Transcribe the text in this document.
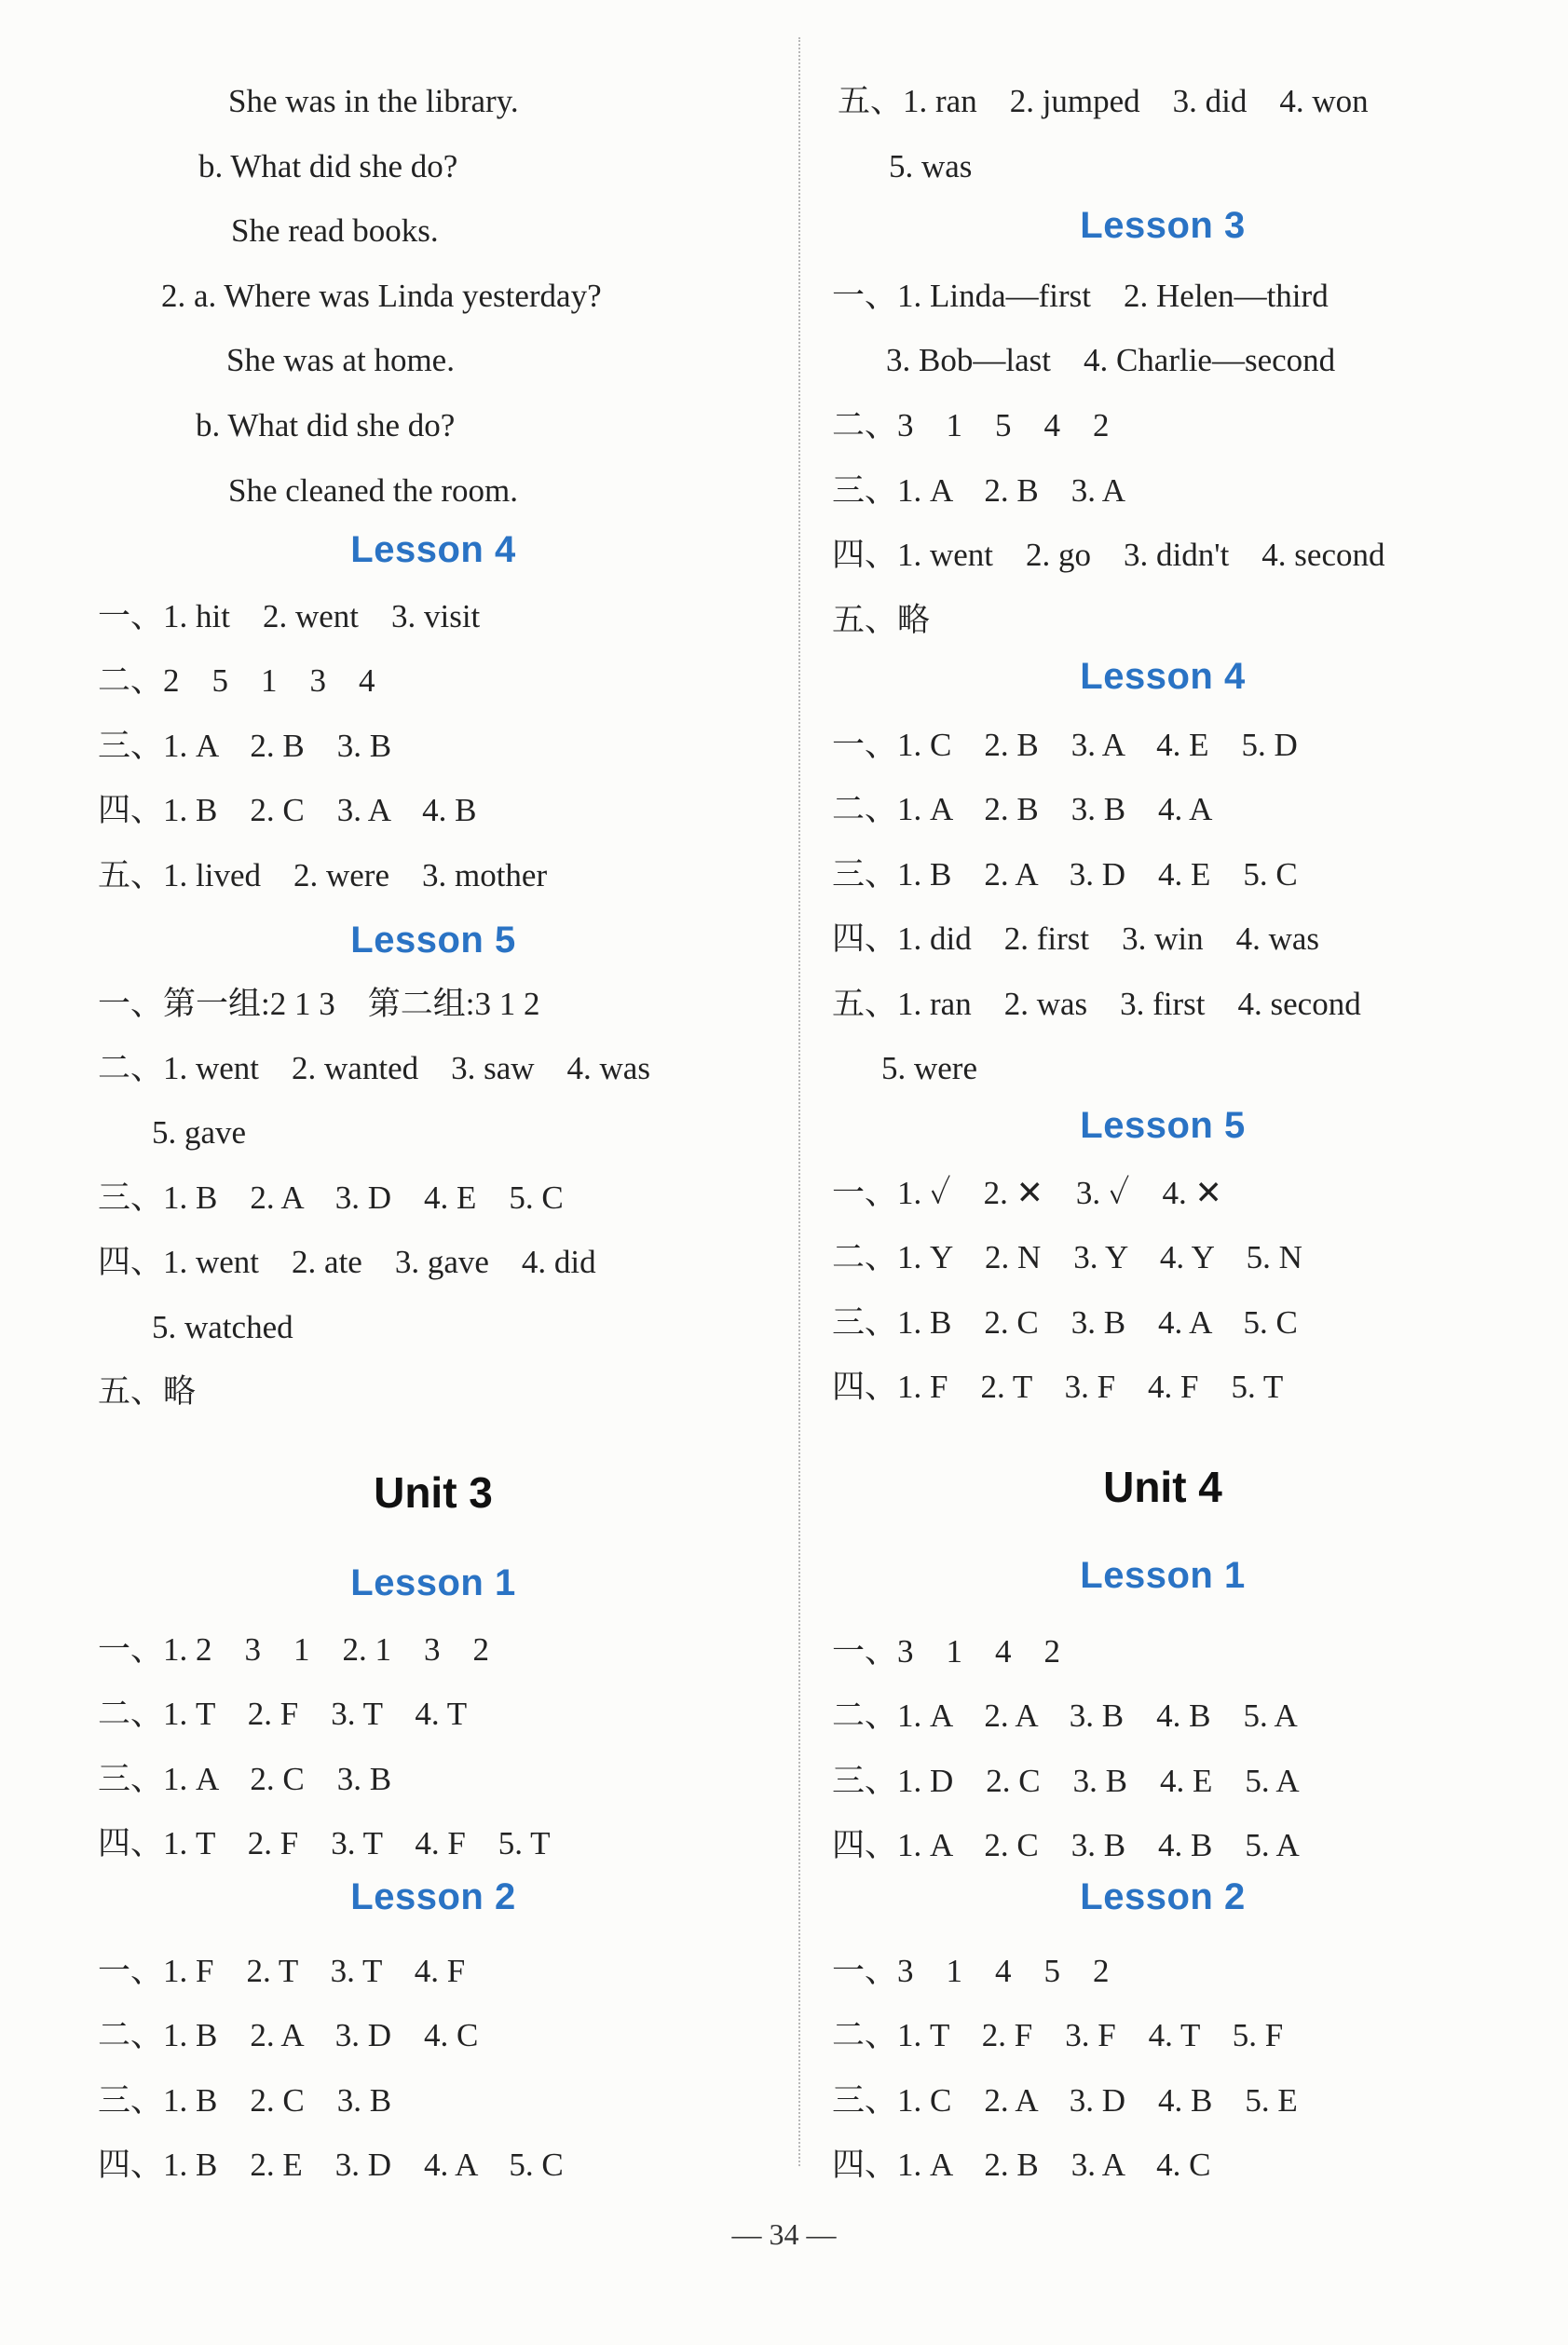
She was in the library.
b. What did she do?
She read books.
2. a. Where was Linda yesterday?
She was at home.
b. What did she do?
She cleaned the room.
Lesson 4
一、1. hit    2. went    3. visit
二、2    5    1    3    4
三、1. A    2. B    3. B
四、1. B    2. C    3. A    4. B
五、1. lived    2. were    3. mother
Lesson 5
一、第一组:2 1 3    第二组:3 1 2
二、1. went    2. wanted    3. saw    4. was
5. gave
三、1. B    2. A    3. D    4. E    5. C
四、1. went    2. ate    3. gave    4. did
5. watched
五、略
Unit 3
Lesson 1
一、1. 2    3    1    2. 1    3    2
二、1. T    2. F    3. T    4. T
三、1. A    2. C    3. B
四、1. T    2. F    3. T    4. F    5. T
Lesson 2
一、1. F    2. T    3. T    4. F
二、1. B    2. A    3. D    4. C
三、1. B    2. C    3. B
四、1. B    2. E    3. D    4. A    5. C
五、1. ran    2. jumped    3. did    4. won
5. was
Lesson 3
一、1. Linda—first    2. Helen—third
3. Bob—last    4. Charlie—second
二、3    1    5    4    2
三、1. A    2. B    3. A
四、1. went    2. go    3. didn't    4. second
五、略
Lesson 4
一、1. C    2. B    3. A    4. E    5. D
二、1. A    2. B    3. B    4. A
三、1. B    2. A    3. D    4. E    5. C
四、1. did    2. first    3. win    4. was
五、1. ran    2. was    3. first    4. second
5. were
Lesson 5
一、1. ✓    2. ✕    3. ✓    4. ✕
二、1. Y    2. N    3. Y    4. Y    5. N
三、1. B    2. C    3. B    4. A    5. C
四、1. F    2. T    3. F    4. F    5. T
Unit 4
Lesson 1
一、3    1    4    2
二、1. A    2. A    3. B    4. B    5. A
三、1. D    2. C    3. B    4. E    5. A
四、1. A    2. C    3. B    4. B    5. A
Lesson 2
一、3    1    4    5    2
二、1. T    2. F    3. F    4. T    5. F
三、1. C    2. A    3. D    4. B    5. E
四、1. A    2. B    3. A    4. C
— 34 —
